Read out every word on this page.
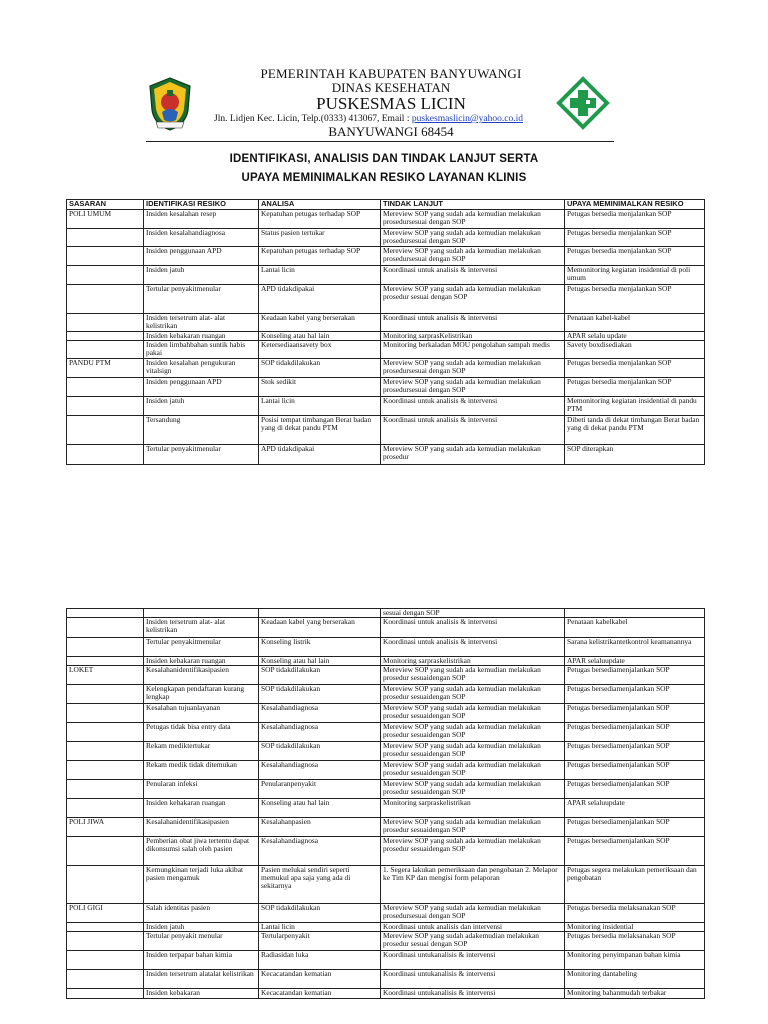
PEMERINTAH KABUPATEN BANYUWANGI
DINAS KESEHATAN
PUSKESMAS LICIN
Jln. Lidjen Kec. Licin, Telp.(0333) 413067, Email : puskesmaslicin@yahoo.co.id
BANYUWANGI 68454
IDENTIFIKASI, ANALISIS DAN TINDAK LANJUT SERTA
UPAYA MEMINIMALKAN RESIKO LAYANAN KLINIS
SASARAN	IDENTIFIKASI RESIKO	ANALISA	TINDAK LANJUT	UPAYA MEMINIMALKAN RESIKO
POLI UMUM	Insiden kesalahan resep	Kepatuhan petugas terhadap SOP	Mereview SOP yang sudah ada kemudian melakukan prosedursesuai dengan SOP	Petugas bersedia menjalankan SOP
	Insiden kesalahandiagnosa	Status pasien tertukar	Mereview SOP yang sudah ada kemudian melakukan prosedursesuai dengan SOP	Petugas bersedia menjalankan SOP
	Insiden penggunaan APD	Kepatuhan petugas terhadap SOP	Mereview SOP yang sudah ada kemudian melakukan prosedursesuai dengan SOP	Petugas bersedia menjalankan SOP
	Insiden jatuh	Lantai licin	Koordinasi untuk analisis & intervensi	Memonitoring kegiatan insidential di poli umum
	Tertular penyakitmenular	APD tidakdipakai	Mereview SOP yang sudah ada kemudian melakukan prosedur sesuai dengan SOP	Petugas bersedia menjalankan SOP
	Insiden tersetrum alat- alat kelistrikan	Keadaan kabel yang berserakan	Koordinasi untuk analisis & intervensi	Penataan kabel-kabel
	Insiden kebakaran ruangan	Konseling atau hal lain	Monitoring sarprasKelistrikan	APAR selalu update
	Insiden limbahbahan suntik habis pakai	Ketersediaansavety box	Monitoring berkaladan MOU pengolahan sampah medis	Savety boxdisediakan
PANDU PTM	Insiden kesalahan pengukuran vitalsign	SOP tidakdilakukan	Mereview SOP yang sudah ada kemudian melakukan prosedursesuai dengan SOP	Petugas bersedia menjalankan SOP
	Insiden penggunaan APD	Stok sedikit	Mereview SOP yang sudah ada kemudian melakukan prosedursesuai dengan SOP	Petugas bersedia menjalankan SOP
	Insiden jatuh	Lantai licin	Koordinasi untuk analisis & intervensi	Memonitoring kegiatan insidential di pandu PTM
	Tersandung	Posisi tempat timbangan Berat badan yang di dekat pandu PTM	Koordinasi untuk analisis & intervensi	Dibeti tanda di dekat timbangan Berat badan yang di dekat pandu PTM
	Tertular penyakitmenular	APD tidakdipakai	Mereview SOP yang sudah ada kemudian melakukan prosedur	SOP diterapkan
			sesuai dengan SOP	
	Insiden tersetrum alat- alat kelistrikan	Keadaan kabel yang berserakan	Koordinasi untuk analisis & intervensi	Penataan kabelkabel
	Tertular penyakitmenular	Konseling listrik	Koordinasi untuk analisis & intervensi	Sarana kelistrikantetkontrol keamanannya
	Insiden kebakaran ruangan	Konseling atau hal lain	Monitoring sarpraskelistrikan	APAR selaluupdate
LOKET	Kesalahanidentifikasipasien	SOP tidakdilakukan	Mereview SOP yang sudah ada kemudian melakukan prosedur sesuaidengan SOP	Petugas bersediamenjalankan SOP
	Kelengkapan pendaftaran kurang lengkap	SOP tidakdilakukan	Mereview SOP yang sudah ada kemudian melakukan prosedur sesuaidengan SOP	Petugas bersediamenjalankan SOP
	Kesalahan tujuanlayanan	Kesalahandiagnosa	Mereview SOP yang sudah ada kemudian melakukan prosedur sesuaidengan SOP	Petugas bersediamenjalankan SOP
	Petugas tidak bisa entry data	Kesalahandiagnosa	Mereview SOP yang sudah ada kemudian melakukan prosedur sesuaidengan SOP	Petugas bersediamenjalankan SOP
	Rekam mediktertukar	SOP tidakdilakukan	Mereview SOP yang sudah ada kemudian melakukan prosedur sesuaidengan SOP	Petugas bersediamenjalankan SOP
	Rekam medik tidak ditemukan	Kesalahandiagnosa	Mereview SOP yang sudah ada kemudian melakukan prosedur sesuaidengan SOP	Petugas bersediamenjalankan SOP
	Penularan infeksi	Penularanpenyakit	Mereview SOP yang sudah ada kemudian melakukan prosedur sesuaidengan SOP	Petugas bersediamenjalankan SOP
	Insiden kebakaran ruangan	Konseling atau hal lain	Monitoring sarpraskelistrikan	APAR selaluupdate
POLI JIWA	Kesalahanidentifikasipasien	Kesalahanpasien	Mereview SOP yang sudah ada kemudian melakukan prosedur sesuaidengan SOP	Petugas bersediamenjalankan SOP
	Pemberian obat jiwa tertentu dapat dikonsumsi salah oleh pasien	Kesalahandiagnosa	Mereview SOP yang sudah ada kemudian melakukan prosedur sesuaidengan SOP	Petugas bersediamenjalankan SOP
	Kemungkinan terjadi luka akibat pasien mengamuk	Pasien melukai sendiri seperti memukul apa saja yang ada di sekitarnya	1. Segera lakukan pemeriksaan dan pengobatan 2. Melapor ke Tim KP dan mengisi form pelaporan	Petugas segera melakukan pemeriksaan dan pengobatan
POLI GIGI	Salah identitas pasien	SOP tidakdilakukan	Mereview SOP yang sudah ada kemudian melakukan prosedursesuai dengan SOP	Petugas bersedia melaksanakan SOP
	Insiden jatuh	Lantai licin	Koordinasi untuk analisis dan intervensi	Monitoring insidential
	Tertular penyakit menular	Tertularpenyakit	Mereview SOP yang sudah adakemudian melakukan prosedur sesuai dengan SOP	Petugas bersedia melaksanakan SOP
	Insiden terpapar bahan kimia	Radiasidan luka	Koordinasi untukanalisis & intervensi	Monitoring penyimpanan bahan kimia
	Insiden tersetrum alatalat kelistrikan	Kecacatandan kematian	Koordinasi untukanalisis & intervensi	Monitoring dantabeling
	Insiden kebakaran	Kecacatandan kematian	Koordinasi untukanalisis & intervensi	Monitoring bahanmudah terbakar
